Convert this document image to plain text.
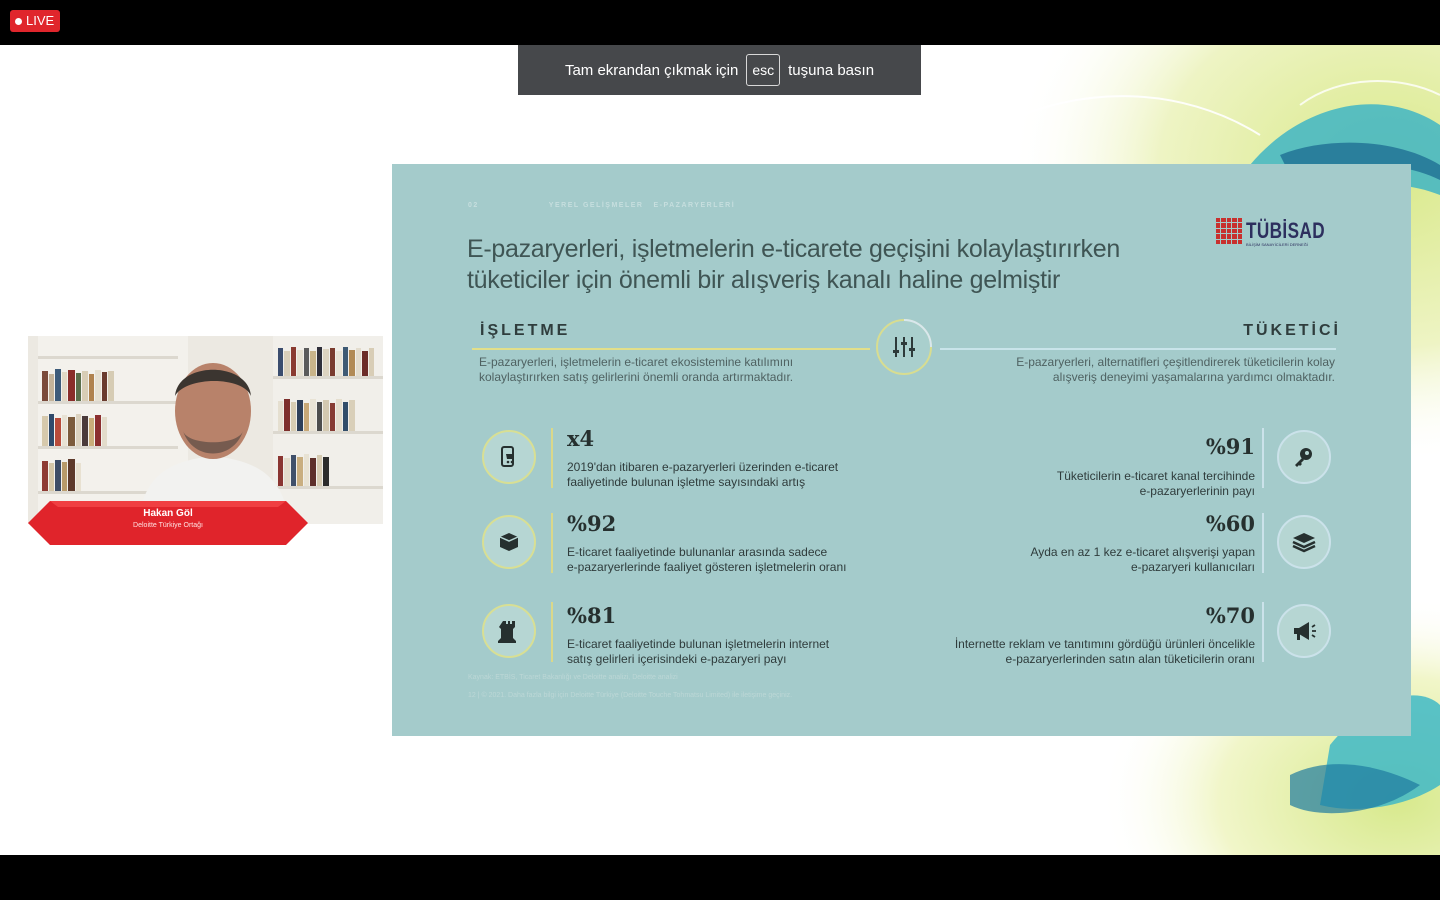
LIVE
Tam ekrandan çıkmak için	esc tuşuna basın
Hakan Göl
Deloitte Türkiye Ortağı
02	YEREL GELİŞMELER E-PAZARYERLERİ
E-pazaryerleri, işletmelerin e-ticarete geçişini kolaylaştırırken
tüketiciler için önemli bir alışveriş kanalı haline gelmiştir
TÜBİSAD
BİLİŞİM SANAYİCİLERİ DERNEĞİ
İŞLETME	TÜKETİCİ
E-pazaryerleri, işletmelerin e-ticaret ekosistemine katılımını
kolaylaştırırken satış gelirlerini önemli oranda artırmaktadır.
E-pazaryerleri, alternatifleri çeşitlendirerek tüketicilerin kolay
alışveriş deneyimi yaşamalarına yardımcı olmaktadır.
x4
2019'dan itibaren e-pazaryerleri üzerinden e-ticaret
faaliyetinde bulunan işletme sayısındaki artış
%92
E-ticaret faaliyetinde bulunanlar arasında sadece
e-pazaryerlerinde faaliyet gösteren işletmelerin oranı
%81
E-ticaret faaliyetinde bulunan işletmelerin internet
satış gelirleri içerisindeki e-pazaryeri payı
%91
Tüketicilerin e-ticaret kanal tercihinde
e-pazaryerlerinin payı
%60
Ayda en az 1 kez e-ticaret alışverişi yapan
e-pazaryeri kullanıcıları
%70
İnternette reklam ve tanıtımını gördüğü ürünleri öncelikle
e-pazaryerlerinden satın alan tüketicilerin oranı
Kaynak: ETBİS, Ticaret Bakanlığı ve Deloitte analizi, Deloitte analizi
12 | © 2021. Daha fazla bilgi için Deloitte Türkiye (Deloitte Touche Tohmatsu Limited) ile iletişime geçiniz.
